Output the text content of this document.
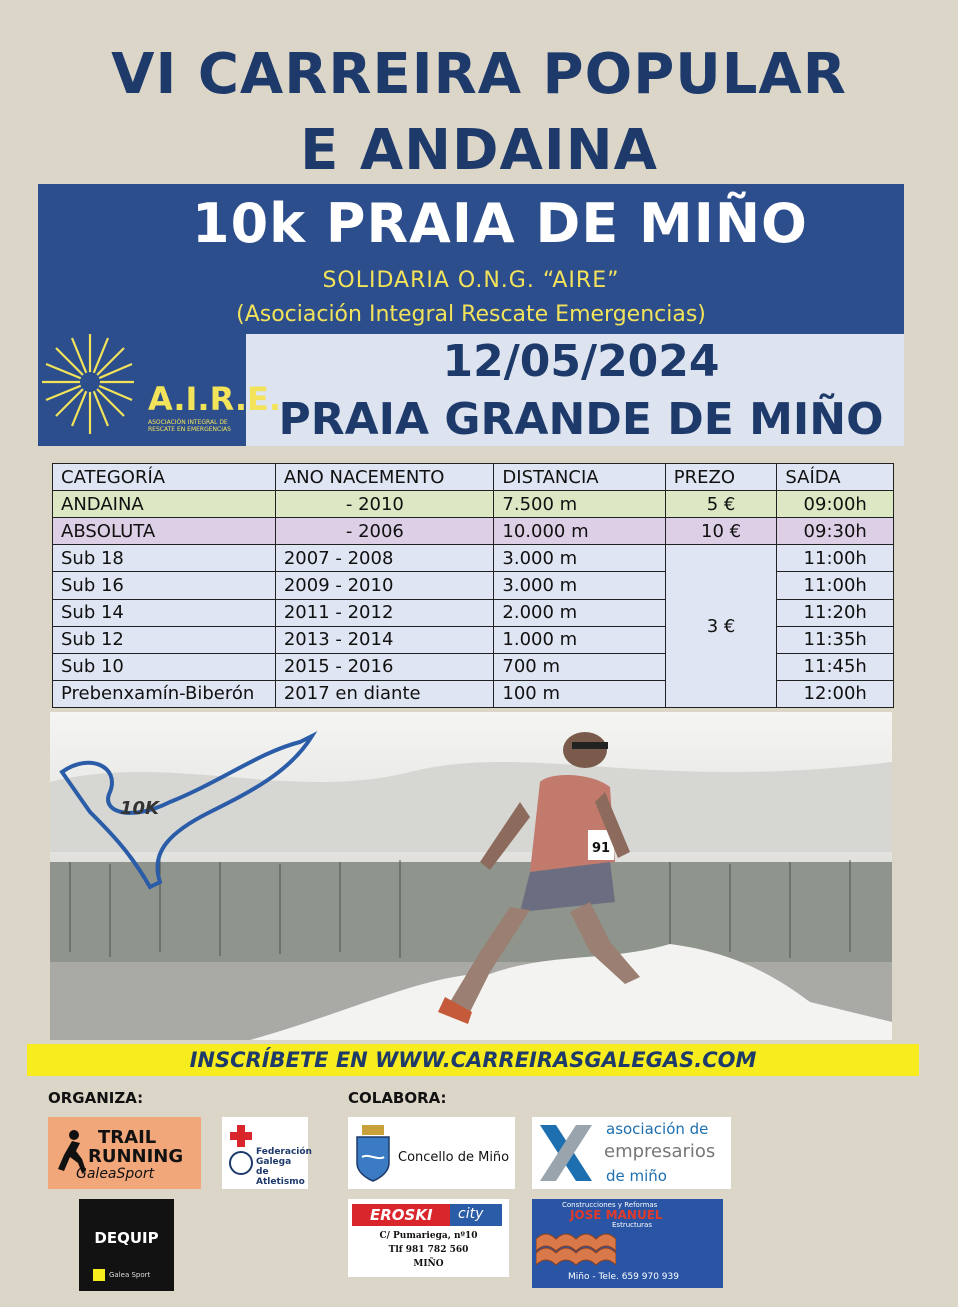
VI CARREIRA POPULAR
E ANDAINA
10k PRAIA DE MIÑO
SOLIDARIA O.N.G. “AIRE”
(Asociación Integral Rescate Emergencias)
12/05/2024
PRAIA GRANDE DE MIÑO
A.I.R.E.
ASOCIACIÓN INTEGRAL DE RESCATE EN EMERGENCIAS
CATEGORÍA	ANO NACEMENTO	DISTANCIA	PREZO	SAÍDA
ANDAINA	- 2010	7.500 m	5 €	09:00h
ABSOLUTA	- 2006	10.000 m	10 €	09:30h
Sub 18	2007 - 2008	3.000 m	3 €	11:00h
Sub 16	2009 - 2010	3.000 m		11:00h
Sub 14	2011 - 2012	2.000 m		11:20h
Sub 12	2013 - 2014	1.000 m		11:35h
Sub 10	2015 - 2016	700 m		11:45h
Prebenxamín-Biberón	2017 en diante	100 m		12:00h
10K
91
INSCRÍBETE EN WWW.CARREIRASGALEGAS.COM
ORGANIZA:	COLABORA:
TRAIL
RUNNING
GaleaSport
Federación Galega de Atletismo
DEQUIP
Galea Sport
Concello de Miño
asociación de
empresarios
de miño
EROSKI city
C/ Pumariega, nº10
Tlf 981 782 560
MIÑO
Construcciones y Reformas
JOSE MANUEL
Estructuras
Miño - Tele. 659 970 939
